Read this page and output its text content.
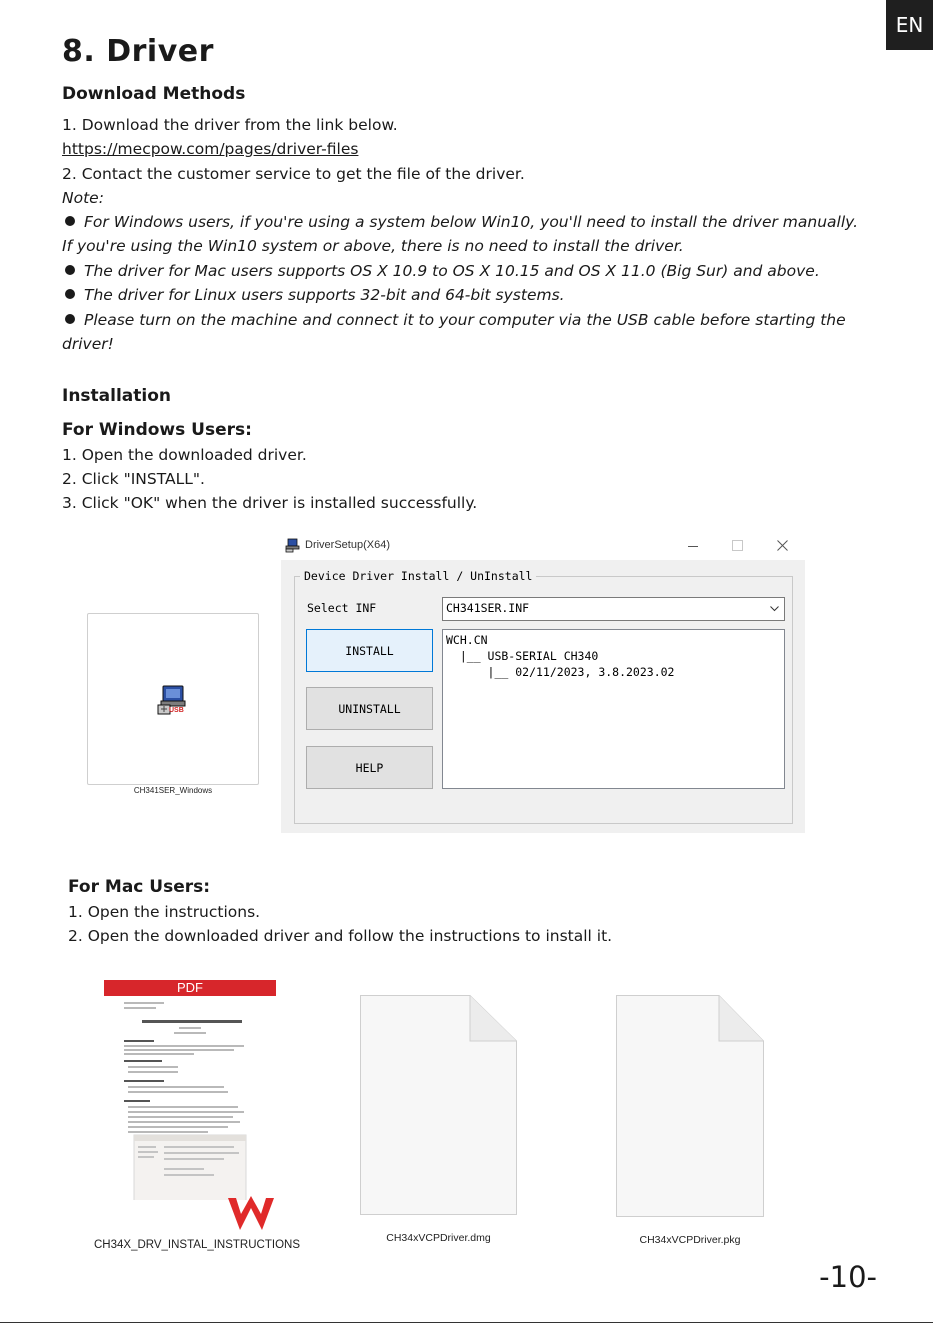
EN
8. Driver
Download Methods
1. Download the driver from the link below.
https://mecpow.com/pages/driver-files
2. Contact the customer service to get the file of the driver.
Note:
For Windows users, if you're using a system below Win10, you'll need to install the driver manually.
If you're using the Win10 system or above, there is no need to install the driver.
The driver for Mac users supports OS X 10.9 to OS X 10.15 and OS X 11.0 (Big Sur) and above.
The driver for Linux users supports 32-bit and 64-bit systems.
Please turn on the machine and connect it to your computer via the USB cable before starting the
driver!
Installation
For Windows Users:
1. Open the downloaded driver.
2. Click "INSTALL".
3. Click "OK" when the driver is installed successfully.
USB
CH341SER_Windows
DriverSetup(X64)
Device Driver Install / UnInstall
Select INF	CH341SER.INF
INSTALL
UNINSTALL
HELP
WCH.CN
|__ USB-SERIAL CH340
|__ 02/11/2023, 3.8.2023.02
For Mac Users:
1. Open the instructions.
2. Open the downloaded driver and follow the instructions to install it.
PDF
CH34X_DRV_INSTAL_INSTRUCTIONS
CH34xVCPDriver.dmg	CH34xVCPDriver.pkg
-10-
